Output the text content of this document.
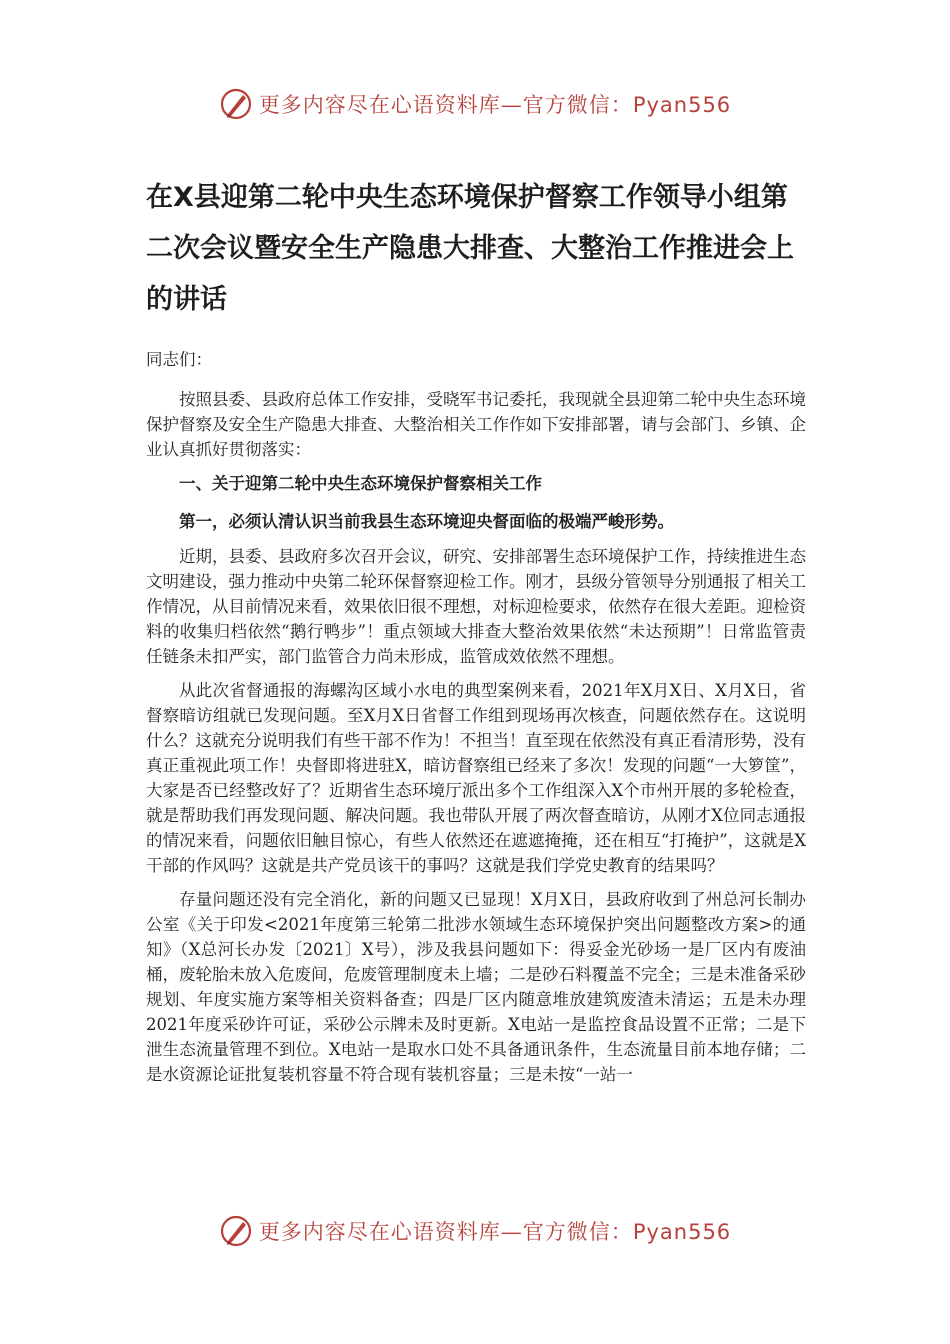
更多内容尽在心语资料库—官方微信：Pyan556
在X县迎第二轮中央生态环境保护督察工作领导小组第二次会议暨安全生产隐患大排查、大整治工作推进会上的讲话

同志们：

按照县委、县政府总体工作安排，受晓军书记委托，我现就全县迎第二轮中央生态环境保护督察及安全生产隐患大排查、大整治相关工作作如下安排部署，请与会部门、乡镇、企业认真抓好贯彻落实：

一、关于迎第二轮中央生态环境保护督察相关工作

第一，必须认清认识当前我县生态环境迎央督面临的极端严峻形势。

近期，县委、县政府多次召开会议，研究、安排部署生态环境保护工作，持续推进生态文明建设，强力推动中央第二轮环保督察迎检工作。刚才，县级分管领导分别通报了相关工作情况，从目前情况来看，效果依旧很不理想，对标迎检要求，依然存在很大差距。迎检资料的收集归档依然“鹅行鸭步”！重点领域大排查大整治效果依然“未达预期”！日常监管责任链条未扣严实，部门监管合力尚未形成，监管成效依然不理想。

从此次省督通报的海螺沟区域小水电的典型案例来看，2021年X月X日、X月X日，省督察暗访组就已发现问题。至X月X日省督工作组到现场再次核查，问题依然存在。这说明什么？这就充分说明我们有些干部不作为！不担当！直至现在依然没有真正看清形势，没有真正重视此项工作！央督即将进驻X，暗访督察组已经来了多次！发现的问题“一大箩筐”，大家是否已经整改好了？近期省生态环境厅派出多个工作组深入X个市州开展的多轮检查，就是帮助我们再发现问题、解决问题。我也带队开展了两次督查暗访，从刚才X位同志通报的情况来看，问题依旧触目惊心，有些人依然还在遮遮掩掩，还在相互“打掩护”，这就是X干部的作风吗？这就是共产党员该干的事吗？这就是我们学党史教育的结果吗？

存量问题还没有完全消化，新的问题又已显现！X月X日，县政府收到了州总河长制办公室《关于印发<2021年度第三轮第二批涉水领域生态环境保护突出问题整改方案>的通知》（X总河长办发〔2021〕X号），涉及我县问题如下：得妥金光砂场一是厂区内有废油桶，废轮胎未放入危废间，危废管理制度未上墙；二是砂石料覆盖不完全；三是未准备采砂规划、年度实施方案等相关资料备查；四是厂区内随意堆放建筑废渣未清运；五是未办理2021年度采砂许可证，采砂公示牌未及时更新。X电站一是监控食品设置不正常；二是下泄生态流量管理不到位。X电站一是取水口处不具备通讯条件，生态流量目前本地存储；二是水资源论证批复装机容量不符合现有装机容量；三是未按“一站一

更多内容尽在心语资料库—官方微信：Pyan556
